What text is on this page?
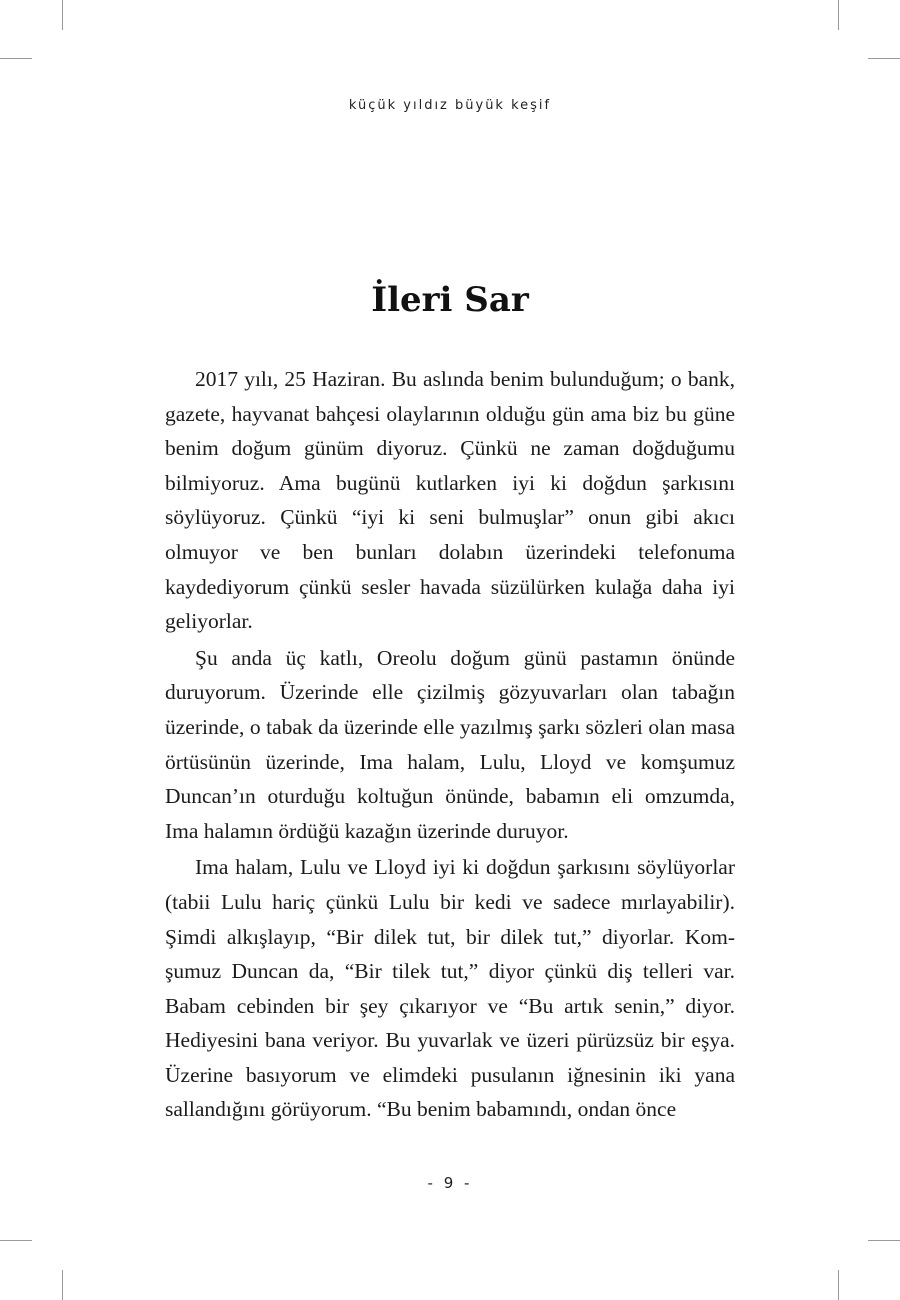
küçük yıldız büyük keşif
İleri Sar

2017 yılı, 25 Haziran. Bu aslında benim bulunduğum; o bank, gazete, hayvanat bahçesi olaylarının olduğu gün ama biz bu güne benim doğum günüm diyoruz. Çünkü ne zaman doğduğumu bilmiyoruz. Ama bugünü kutlarken iyi ki doğdun şarkısını söylüyoruz. Çünkü “iyi ki seni bulmuşlar” onun gibi akıcı olmuyor ve ben bunları dolabın üzerindeki telefonuma kaydediyorum çünkü sesler havada süzülürken kulağa daha iyi geliyorlar.

Şu anda üç katlı, Oreolu doğum günü pastamın önünde duruyorum. Üzerinde elle çizilmiş gözyuvarları olan tabağın üzerinde, o tabak da üzerinde elle yazılmış şarkı sözleri olan masa örtüsünün üzerinde, Ima halam, Lulu, Lloyd ve komşumuz Duncan’ın oturduğu koltuğun önünde, babamın eli omzumda, Ima halamın ördüğü kazağın üzerinde duruyor.

Ima halam, Lulu ve Lloyd iyi ki doğdun şarkısını söylüyorlar (tabii Lulu hariç çünkü Lulu bir kedi ve sadece mırlayabilir). Şimdi alkışlayıp, “Bir dilek tut, bir dilek tut,” diyorlar. Komşumuz Duncan da, “Bir tilek tut,” diyor çünkü diş telleri var. Babam cebinden bir şey çıkarıyor ve “Bu artık senin,” diyor. Hediyesini bana veriyor. Bu yuvarlak ve üzeri pürüzsüz bir eşya. Üzerine basıyorum ve elimdeki pusulanın iğnesinin iki yana sallandığını görüyorum. “Bu benim babamındı, ondan önce

- 9 -
